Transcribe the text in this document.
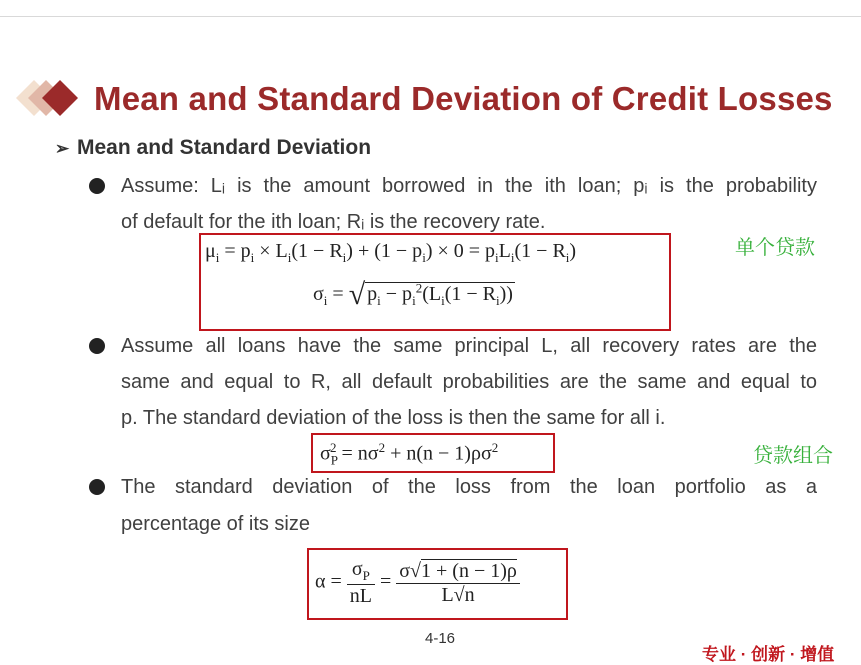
Mean and Standard Deviation of Credit Losses
➢ Mean and Standard Deviation
Assume: Lᵢ is the amount borrowed in the ith loan; pᵢ is the probability
of default for the ith loan; Rᵢ is the recovery rate.
$\mu_i = p_i \times L_i(1 - R_i) + (1 - p_i) \times 0 = p_iL_i(1 - R_i)$
$\sigma_i$ = √ $p_i - p_i^2(L_i(1 - R_i))$
单个贷款
Assume all loans have the same principal L, all recovery rates are the
same and equal to R, all default probabilities are the same and equal to
p. The standard deviation of the loss is then the same for all i.
$\sigma_P^2 = n\sigma^2 + n(n - 1)\rho\sigma^2$	贷款组合
The standard deviation of the loss from the loan portfolio as a
percentage of its size
$\alpha = \frac{\sigma_P}{nL} = \frac{\sigma√1 + (n - 1)\rho}{L√n}$
4-16
专业 · 创新 · 增值
